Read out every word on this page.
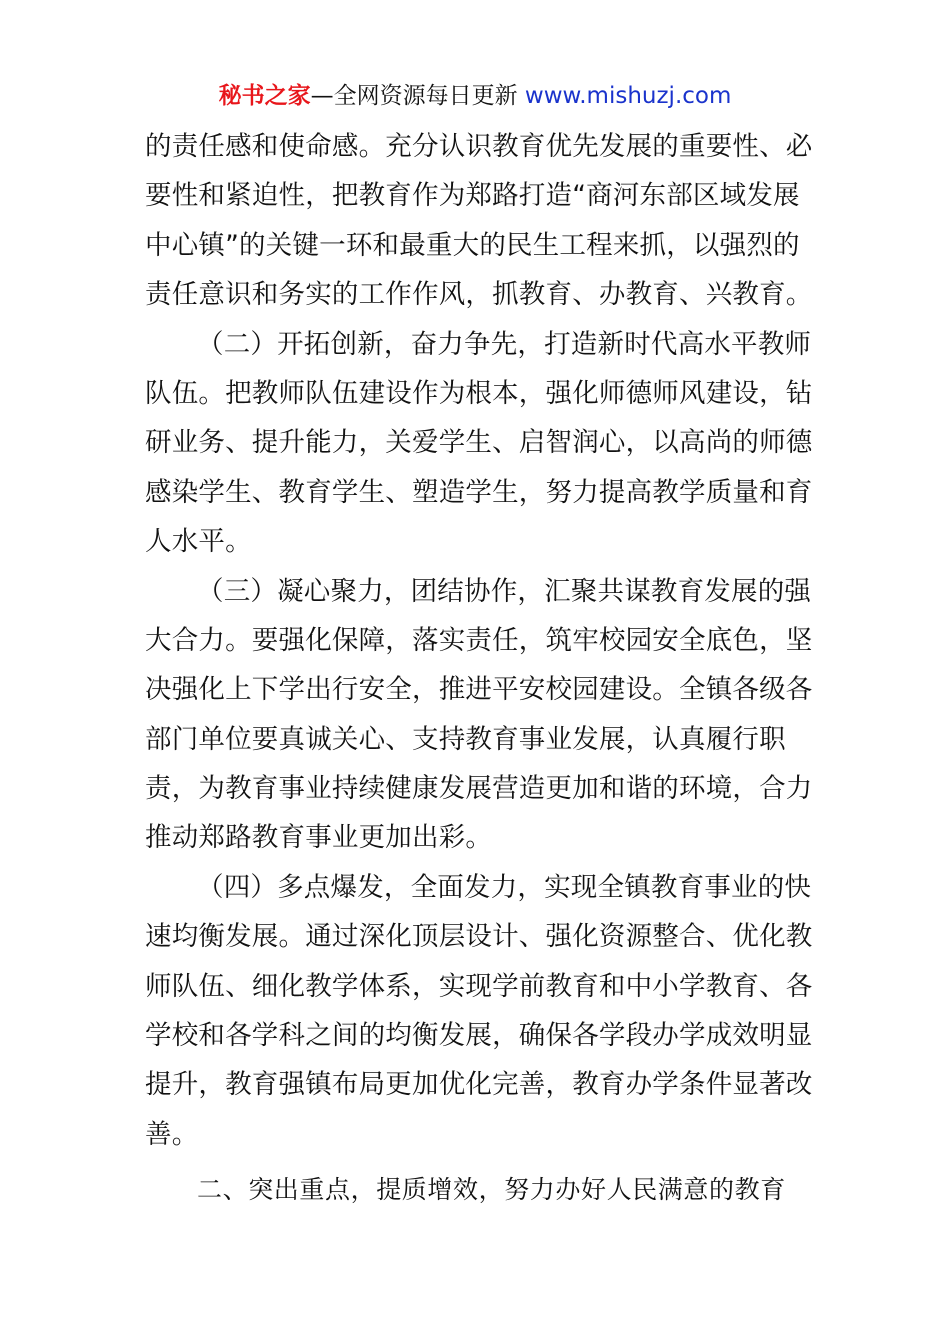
秘书之家—全网资源每日更新 www.mishuzj.com
的责任感和使命感。充分认识教育优先发展的重要性、必
要性和紧迫性，把教育作为郑路打造“商河东部区域发展
中心镇”的关键一环和最重大的民生工程来抓，以强烈的
责任意识和务实的工作作风，抓教育、办教育、兴教育。
（二）开拓创新，奋力争先，打造新时代高水平教师
队伍。把教师队伍建设作为根本，强化师德师风建设，钻
研业务、提升能力，关爱学生、启智润心，以高尚的师德
感染学生、教育学生、塑造学生，努力提高教学质量和育
人水平。
（三）凝心聚力，团结协作，汇聚共谋教育发展的强
大合力。要强化保障，落实责任，筑牢校园安全底色，坚
决强化上下学出行安全，推进平安校园建设。全镇各级各
部门单位要真诚关心、支持教育事业发展，认真履行职
责，为教育事业持续健康发展营造更加和谐的环境，合力
推动郑路教育事业更加出彩。
（四）多点爆发，全面发力，实现全镇教育事业的快
速均衡发展。通过深化顶层设计、强化资源整合、优化教
师队伍、细化教学体系，实现学前教育和中小学教育、各
学校和各学科之间的均衡发展，确保各学段办学成效明显
提升，教育强镇布局更加优化完善，教育办学条件显著改
善。
二、突出重点，提质增效，努力办好人民满意的教育
